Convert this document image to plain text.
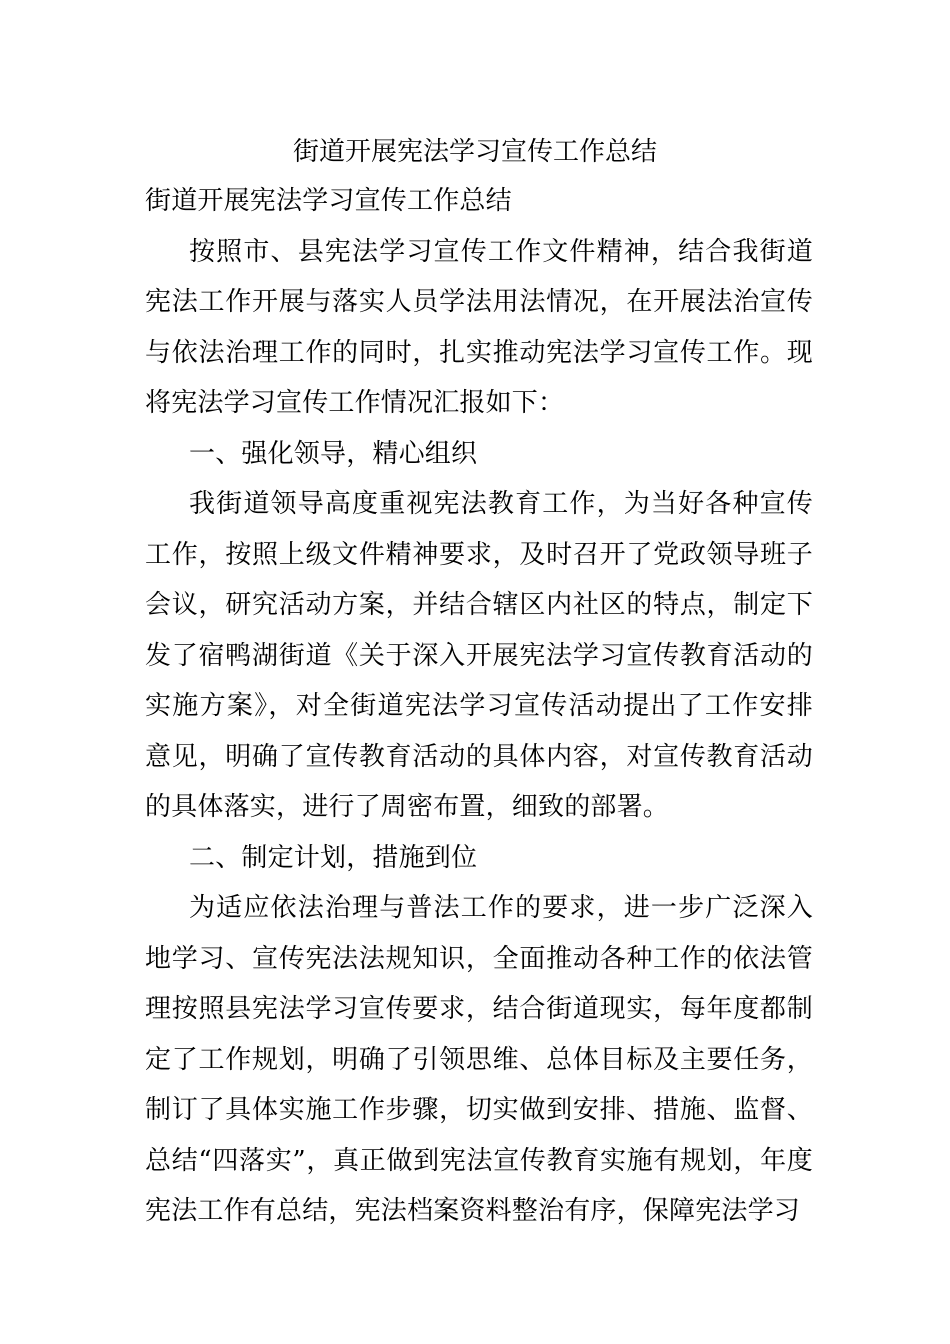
街道开展宪法学习宣传工作总结

街道开展宪法学习宣传工作总结

按照市、县宪法学习宣传工作文件精神，结合我街道宪法工作开展与落实人员学法用法情况，在开展法治宣传与依法治理工作的同时，扎实推动宪法学习宣传工作。现将宪法学习宣传工作情况汇报如下：

一、强化领导，精心组织

我街道领导高度重视宪法教育工作，为当好各种宣传工作，按照上级文件精神要求，及时召开了党政领导班子会议，研究活动方案，并结合辖区内社区的特点，制定下发了宿鸭湖街道《关于深入开展宪法学习宣传教育活动的实施方案》，对全街道宪法学习宣传活动提出了工作安排意见，明确了宣传教育活动的具体内容，对宣传教育活动的具体落实，进行了周密布置，细致的部署。

二、制定计划，措施到位

为适应依法治理与普法工作的要求，进一步广泛深入地学习、宣传宪法法规知识，全面推动各种工作的依法管理按照县宪法学习宣传要求，结合街道现实，每年度都制定了工作规划，明确了引领思维、总体目标及主要任务，制订了具体实施工作步骤，切实做到安排、措施、监督、总结“四落实”，真正做到宪法宣传教育实施有规划，年度宪法工作有总结，宪法档案资料整治有序，保障宪法学习
